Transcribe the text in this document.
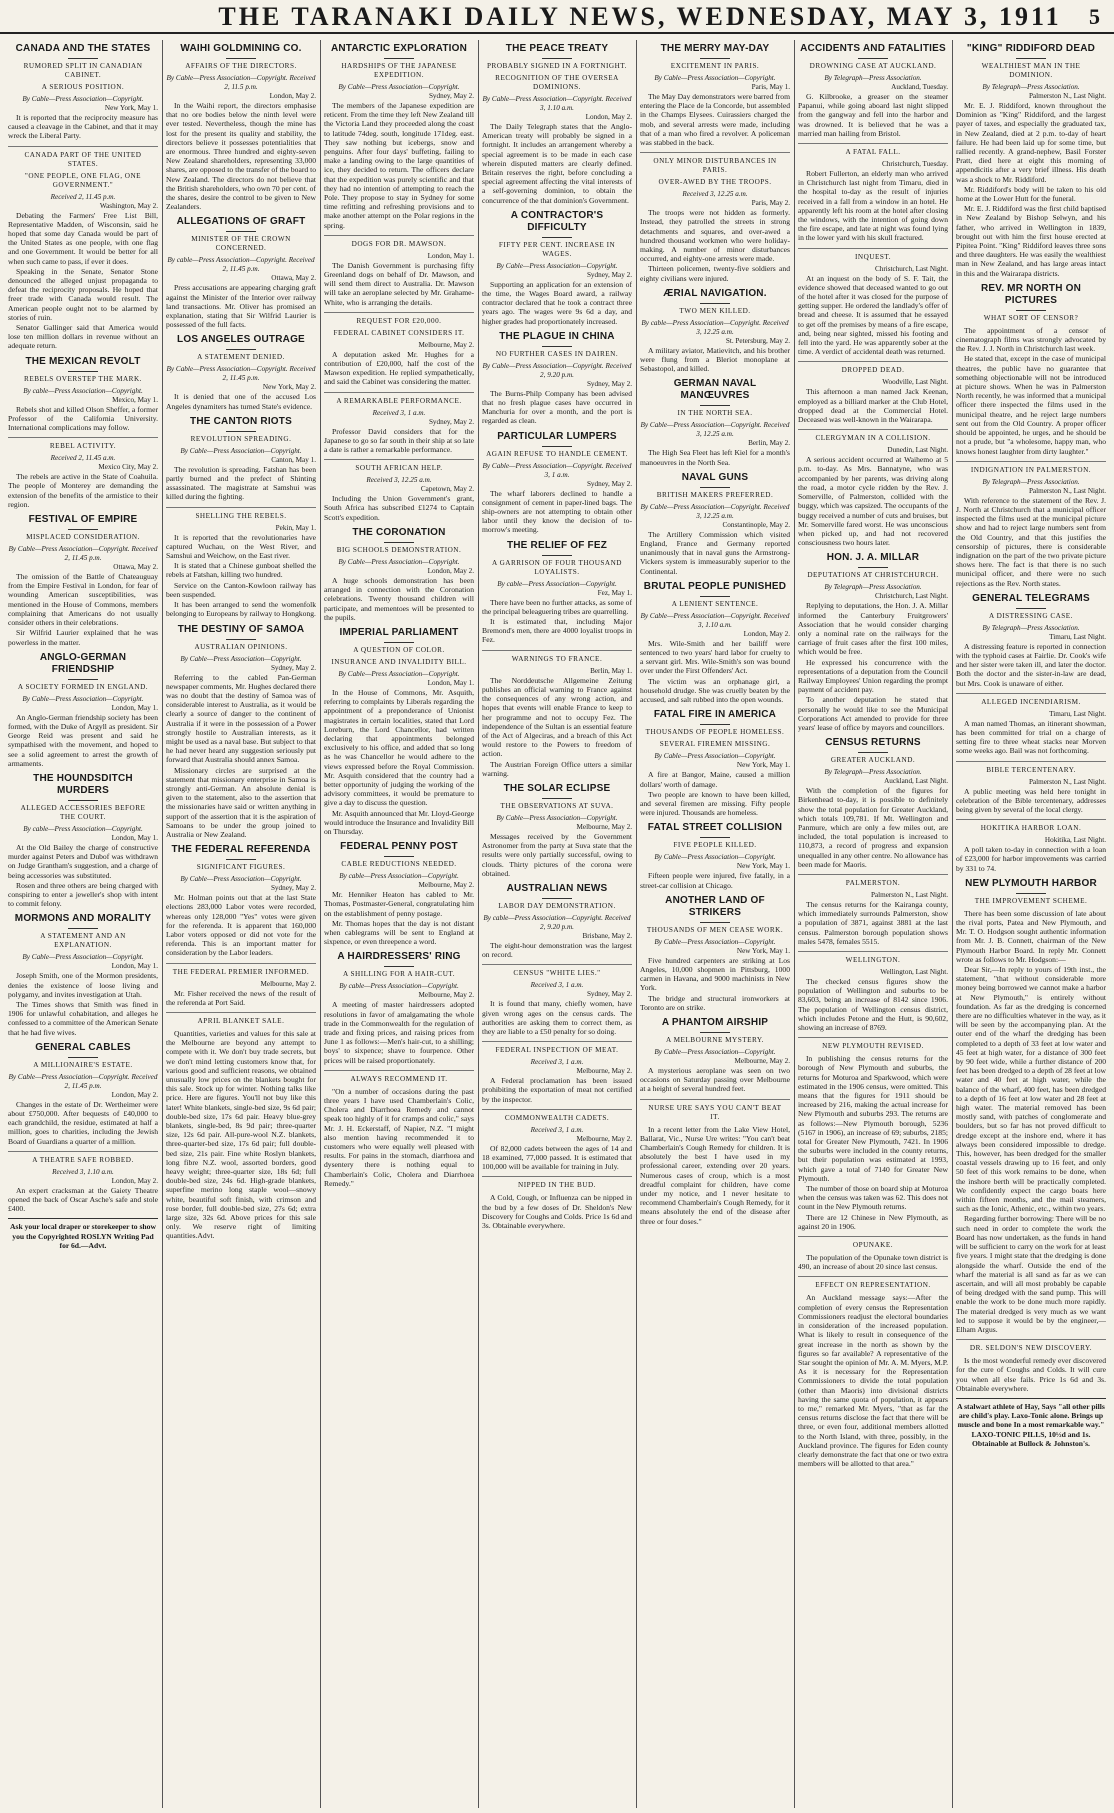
THE TARANAKI DAILY NEWS, WEDNESDAY, MAY 3, 1911	5
CANADA AND THE STATES
RUMORED SPLIT IN CANADIAN CABINET.
A SERIOUS POSITION.
By Cable—Press Association—Copyright.
New York, May 1.

It is reported that the reciprocity measure has caused a cleavage in the Cabinet, and that it may wreck the Liberal Party.

CANADA PART OF THE UNITED STATES.
"ONE PEOPLE, ONE FLAG, ONE GOVERNMENT."
Received 2, 11.45 p.m.
Washington, May 2.

Debating the Farmers' Free List Bill, Representative Madden, of Wisconsin, said he hoped that some day Canada would be part of the United States as one people, with one flag and one Government. It would be better for all when such came to pass, if ever it does.

Speaking in the Senate, Senator Stone denounced the alleged unjust propaganda to defeat the reciprocity proposals. He hoped that freer trade with Canada would result. The American people ought not to be alarmed by stories of ruin.

Senator Gallinger said that America would lose ten million dollars in revenue without an adequate return.

THE MEXICAN REVOLT
REBELS OVERSTEP THE MARK.
By cable—Press Association—Copyright.
Mexico, May 1.

Rebels shot and killed Olson Sheffer, a former Professor of the California University. International complications may follow.

REBEL ACTIVITY.
Received 2, 11.45 a.m.
Mexico City, May 2.

The rebels are active in the State of Coahuila. The people of Monterey are demanding the extension of the benefits of the armistice to their region.

FESTIVAL OF EMPIRE
MISPLACED CONSIDERATION.
By Cable—Press Association—Copyright. Received 2, 11.45 p.m.
Ottawa, May 2.

The omission of the Battle of Chateauguay from the Empire Festival in London, for fear of wounding American susceptibilities, was mentioned in the House of Commons, members complaining that Americans do not usually consider others in their celebrations.

Sir Wilfrid Laurier explained that he was powerless in the matter.

ANGLO-GERMAN FRIENDSHIP
A SOCIETY FORMED IN ENGLAND.
By Cable—Press Association—Copyright.
London, May 1.

An Anglo-German friendship society has been formed, with the Duke of Argyll as president. Sir George Reid was present and said he sympathised with the movement, and hoped to see a solid agreement to arrest the growth of armaments.

THE HOUNDSDITCH MURDERS
ALLEGED ACCESSORIES BEFORE THE COURT.
By cable—Press Association—Copyright.
London, May 1.

At the Old Bailey the charge of constructive murder against Peters and Dubof was withdrawn on Judge Grantham's suggestion, and a charge of being accessories was substituted.

Rosen and three others are being charged with conspiring to enter a jeweller's shop with intent to commit felony.

MORMONS AND MORALITY
A STATEMENT AND AN EXPLANATION.
By Cable—Press Association—Copyright.
London, May 1.

Joseph Smith, one of the Mormon presidents, denies the existence of loose living and polygamy, and invites investigation at Utah.

The Times shows that Smith was fined in 1906 for unlawful cohabitation, and alleges he confessed to a committee of the American Senate that he had five wives.

GENERAL CABLES
A MILLIONAIRE'S ESTATE.
By Cable—Press Association—Copyright. Received 2, 11.45 p.m.
London, May 2.

Changes in the estate of Dr. Wertheimer were about £750,000. After bequests of £40,000 to each grandchild, the residue, estimated at half a million, goes to charities, including the Jewish Board of Guardians a quarter of a million.

A THEATRE SAFE ROBBED.
Received 3, 1.10 a.m.
London, May 2.

An expert cracksman at the Gaiety Theatre opened the back of Oscar Asche's safe and stole £400.

Ask your local draper or storekeeper to show you the Copyrighted ROSLYN Writing Pad for 6d.—Advt.
WAIHI GOLDMINING CO.
AFFAIRS OF THE DIRECTORS.
By Cable—Press Association—Copyright. Received 2, 11.5 p.m.
London, May 2.

In the Waihi report, the directors emphasise that no ore bodies below the ninth level were ever tested. Nevertheless, though the mine has lost for the present its quality and stability, the directors believe it possesses potentialities that are enormous. Three hundred and eighty-seven New Zealand shareholders, representing 33,000 shares, are opposed to the transfer of the board to New Zealand. The directors do not believe that the British shareholders, who own 70 per cent. of the shares, desire the control to be given to New Zealanders.

ALLEGATIONS OF GRAFT
MINISTER OF THE CROWN CONCERNED.
By cable—Press Association—Copyright. Received 2, 11.45 p.m.
Ottawa, May 2.

Press accusations are appearing charging graft against the Minister of the Interior over railway land transactions. Mr. Oliver has promised an explanation, stating that Sir Wilfrid Laurier is possessed of the full facts.

LOS ANGELES OUTRAGE
A STATEMENT DENIED.
By Cable—Press Association—Copyright. Received 2, 11.45 p.m.
New York, May 2.

It is denied that one of the accused Los Angeles dynamiters has turned State's evidence.

THE CANTON RIOTS
REVOLUTION SPREADING.
By Cable—Press Association—Copyright.
Canton, May 1.

The revolution is spreading. Fatshan has been partly burned and the prefect of Shinting assassinated. The magistrate at Samshui was killed during the fighting.

SHELLING THE REBELS.
Pekin, May 1.

It is reported that the revolutionaries have captured Wuchau, on the West River, and Samshui and Weichow, on the East river.

It is stated that a Chinese gunboat shelled the rebels at Fatshan, killing two hundred.

Service on the Canton-Kowloon railway has been suspended.

It has been arranged to send the womenfolk belonging to Europeans by railway to Hongkong.

THE DESTINY OF SAMOA
AUSTRALIAN OPINIONS.
By Cable—Press Association—Copyright.
Sydney, May 2.

Referring to the cabled Pan-German newspaper comments, Mr. Hughes declared there was no doubt that the destiny of Samoa was of considerable interest to Australia, as it would be clearly a source of danger to the continent of Australia if it were in the possession of a Power strongly hostile to Australian interests, as it might be used as a naval base. But subject to that he had never heard any suggestion seriously put forward that Australia should annex Samoa.

Missionary circles are surprised at the statement that missionary enterprise in Samoa is strongly anti-German. An absolute denial is given to the statement, also to the assertion that the missionaries have said or written anything in support of the assertion that it is the aspiration of Samoans to be under the group joined to Australia or New Zealand.

THE FEDERAL REFERENDA
SIGNIFICANT FIGURES.
By Cable—Press Association—Copyright.
Sydney, May 2.

Mr. Holman points out that at the last State elections 283,000 Labor votes were recorded, whereas only 128,000 "Yes" votes were given for the referenda. It is apparent that 160,000 Labor voters opposed or did not vote for the referenda. This is an important matter for consideration by the Labor leaders.

THE FEDERAL PREMIER INFORMED.
Melbourne, May 2.

Mr. Fisher received the news of the result of the referenda at Port Said.

APRIL BLANKET SALE.

Quantities, varieties and values for this sale at the Melbourne are beyond any attempt to compete with it. We don't buy trade secrets, but we don't mind letting customers know that, for various good and sufficient reasons, we obtained unusually low prices on the blankets bought for this sale. Stock up for winter. Nothing talks like price. Here are figures. You'll not buy like this later! White blankets, single-bed size, 9s 6d pair; double-bed size, 17s 6d pair. Heavy blue-grey blankets, single-bed, 8s 9d pair; three-quarter size, 12s 6d pair. All-pure-wool N.Z. blankets, three-quarter-bed size, 17s 6d pair; full double-bed size, 21s pair. Fine white Roslyn blankets, long fibre N.Z. wool, assorted borders, good heavy weight; three-quarter size, 18s 6d; full double-bed size, 24s 6d. High-grade blankets, superfine merino long staple wool—snowy white, beautiful soft finish, with crimson and rose border, full double-bed size, 27s 6d; extra large size, 32s 6d. Above prices for this sale only. We reserve right of limiting quantities.Advt.

ANTARCTIC EXPLORATION
HARDSHIPS OF THE JAPANESE EXPEDITION.
By Cable—Press Association—Copyright.
Sydney, May 2.

The members of the Japanese expedition are reticent. From the time they left New Zealand till the Victoria Land they proceeded along the coast to latitude 74deg. south, longitude 171deg. east. They saw nothing but icebergs, snow and penguins. After four days' buffeting, failing to make a landing owing to the large quantities of ice, they decided to return. The officers declare that the expedition was purely scientific and that they had no intention of attempting to reach the Pole. They propose to stay in Sydney for some time refitting and refreshing provisions and to make another attempt on the Polar regions in the spring.

DOGS FOR DR. MAWSON.
London, May 1.

The Danish Government is purchasing fifty Greenland dogs on behalf of Dr. Mawson, and will send them direct to Australia. Dr. Mawson will take an aeroplane selected by Mr. Grahame-White, who is arranging the details.

REQUEST FOR £20,000.
FEDERAL CABINET CONSIDERS IT.
Melbourne, May 2.

A deputation asked Mr. Hughes for a contribution of £20,000, half the cost of the Mawson expedition. He replied sympathetically, and said the Cabinet was considering the matter.

A REMARKABLE PERFORMANCE.
Received 3, 1 a.m.
Sydney, May 2.

Professor David considers that for the Japanese to go so far south in their ship at so late a date is rather a remarkable performance.

SOUTH AFRICAN HELP.
Received 3, 12.25 a.m.
Capetown, May 2.

Including the Union Government's grant, South Africa has subscribed £1274 to Captain Scott's expedition.

THE CORONATION
BIG SCHOOLS DEMONSTRATION.
By Cable—Press Association—Copyright.
London, May 2.

A huge schools demonstration has been arranged in connection with the Coronation celebrations. Twenty thousand children will participate, and mementoes will be presented to the pupils.

IMPERIAL PARLIAMENT
A QUESTION OF COLOR.
INSURANCE AND INVALIDITY BILL.
By Cable—Press Association—Copyright.
London, May 1.

In the House of Commons, Mr. Asquith, referring to complaints by Liberals regarding the appointment of a preponderance of Unionist magistrates in certain localities, stated that Lord Loreburn, the Lord Chancellor, had written declaring that appointments belonged exclusively to his office, and added that so long as he was Chancellor he would adhere to the views expressed before the Royal Commission. Mr. Asquith considered that the country had a better opportunity of judging the working of the advisory committees, it would be premature to give a day to discuss the question.

Mr. Asquith announced that Mr. Lloyd-George would introduce the Insurance and Invalidity Bill on Thursday.

FEDERAL PENNY POST
CABLE REDUCTIONS NEEDED.
By cable—Press Association—Copyright.
Melbourne, May 2.

Mr. Henniker Heaton has cabled to Mr. Thomas, Postmaster-General, congratulating him on the establishment of penny postage.

Mr. Thomas hopes that the day is not distant when cablegrams will be sent to England at sixpence, or even threepence a word.

A HAIRDRESSERS' RING
A SHILLING FOR A HAIR-CUT.
By cable—Press Association—Copyright.
Melbourne, May 2.

A meeting of master hairdressers adopted resolutions in favor of amalgamating the whole trade in the Commonwealth for the regulation of trade and fixing prices, and raising prices from June 1 as follows:—Men's hair-cut, to a shilling; boys' to sixpence; shave to fourpence. Other prices will be raised proportionately.

ALWAYS RECOMMEND IT.

"On a number of occasions during the past three years I have used Chamberlain's Colic, Cholera and Diarrhoea Remedy and cannot speak too highly of it for cramps and colic," says Mr. J. H. Eckerstaff, of Napier, N.Z. "I might also mention having recommended it to customers who were equally well pleased with results. For pains in the stomach, diarrhoea and dysentery there is nothing equal to Chamberlain's Colic, Cholera and Diarrhoea Remedy."

THE PEACE TREATY
PROBABLY SIGNED IN A FORTNIGHT.
RECOGNITION OF THE OVERSEA DOMINIONS.
By Cable—Press Association—Copyright. Received 3, 1.10 a.m.
London, May 2.

The Daily Telegraph states that the Anglo-American treaty will probably be signed in a fortnight. It includes an arrangement whereby a special agreement is to be made in each case wherein disputed matters are clearly defined. Britain reserves the right, before concluding a special agreement affecting the vital interests of a self-governing dominion, to obtain the concurrence of the that dominion's Government.

A CONTRACTOR'S DIFFICULTY
FIFTY PER CENT. INCREASE IN WAGES.
By Cable—Press Association—Copyright.
Sydney, May 2.

Supporting an application for an extension of the time, the Wages Board award, a railway contractor declared that he took a contract three years ago. The wages were 9s 6d a day, and higher grades had proportionately increased.

THE PLAGUE IN CHINA
NO FURTHER CASES IN DAIREN.
By Cable—Press Association—Copyright. Received 2, 9.20 p.m.
Sydney, May 2.

The Burns-Philp Company has been advised that no fresh plague cases have occurred in Manchuria for over a month, and the port is regarded as clean.

PARTICULAR LUMPERS
AGAIN REFUSE TO HANDLE CEMENT.
By Cable—Press Association—Copyright. Received 3, 1 a.m.
Sydney, May 2.

The wharf laborers declined to handle a consignment of cement in paper-lined bags. The ship-owners are not attempting to obtain other labor until they know the decision of to-morrow's meeting.

THE RELIEF OF FEZ
A GARRISON OF FOUR THOUSAND LOYALISTS.
By cable—Press Association—Copyright.
Fez, May 1.

There have been no further attacks, as some of the principal beleaguering tribes are quarrelling.

It is estimated that, including Major Bremond's men, there are 4000 loyalist troops in Fez.

WARNINGS TO FRANCE.
Berlin, May 1.

The Norddeutsche Allgemeine Zeitung publishes an official warning to France against the consequences of any wrong action, and hopes that events will enable France to keep to her programme and not to occupy Fez. The independence of the Sultan is an essential feature of the Act of Algeciras, and a breach of this Act would restore to the Powers to freedom of action.

The Austrian Foreign Office utters a similar warning.

THE SOLAR ECLIPSE
THE OBSERVATIONS AT SUVA.
By Cable—Press Association—Copyright.
Melbourne, May 2.

Messages received by the Government Astronomer from the party at Suva state that the results were only partially successful, owing to clouds. Thirty pictures of the corona were obtained.

AUSTRALIAN NEWS
LABOR DAY DEMONSTRATION.
By cable—Press Association—Copyright. Received 2, 9.20 p.m.
Brisbane, May 2.

The eight-hour demonstration was the largest on record.

CENSUS "WHITE LIES."
Received 3, 1 a.m.
Sydney, May 2.

It is found that many, chiefly women, have given wrong ages on the census cards. The authorities are asking them to correct them, as they are liable to a £50 penalty for so doing.

FEDERAL INSPECTION OF MEAT.
Received 3, 1 a.m.
Melbourne, May 2.

A Federal proclamation has been issued prohibiting the exportation of meat not certified by the inspector.

COMMONWEALTH CADETS.
Received 3, 1 a.m.
Melbourne, May 2.

Of 82,000 cadets between the ages of 14 and 18 examined, 77,000 passed. It is estimated that 100,000 will be available for training in July.

NIPPED IN THE BUD.

A Cold, Cough, or Influenza can be nipped in the bud by a few doses of Dr. Sheldon's New Discovery for Coughs and Colds. Price 1s 6d and 3s. Obtainable everywhere.

THE MERRY MAY-DAY
EXCITEMENT IN PARIS.
By Cable—Press Association—Copyright.
Paris, May 1.

The May Day demonstrators were barred from entering the Place de la Concorde, but assembled in the Champs Elysees. Cuirassiers charged the mob, and several arrests were made, including that of a man who fired a revolver. A policeman was stabbed in the back.

ONLY MINOR DISTURBANCES IN PARIS.
OVER-AWED BY THE TROOPS.
Received 3, 12.25 a.m.
Paris, May 2.

The troops were not hidden as formerly. Instead, they patrolled the streets in strong detachments and squares, and over-awed a hundred thousand workmen who were holiday-making. A number of minor disturbances occurred, and eighty-one arrests were made.

Thirteen policemen, twenty-five soldiers and eighty civilians were injured.

ÆRIAL NAVIGATION.
TWO MEN KILLED.
By cable—Press Association—Copyright. Received 3, 12.25 a.m.
St. Petersburg, May 2.

A military aviator, Matievitch, and his brother were flung from a Bleriot monoplane at Sebastopol, and killed.

GERMAN NAVAL MANŒUVRES
IN THE NORTH SEA.
By Cable—Press Association—Copyright. Received 3, 12.25 a.m.
Berlin, May 2.

The High Sea Fleet has left Kiel for a month's manoeuvres in the North Sea.

NAVAL GUNS
BRITISH MAKERS PREFERRED.
By Cable—Press Association—Copyright. Received 3, 12.25 a.m.
Constantinople, May 2.

The Artillery Commission which visited England, France and Germany reported unanimously that in naval guns the Armstrong-Vickers system is immeasurably superior to the Continental.

BRUTAL PEOPLE PUNISHED
A LENIENT SENTENCE.
By Cable—Press Association—Copyright. Received 3, 1.10 a.m.
London, May 2.

Mrs. Wile-Smith and her bailiff were sentenced to two years' hard labor for cruelty to a servant girl. Mrs. Wile-Smith's son was bound over under the First Offenders' Act.

The victim was an orphanage girl, a household drudge. She was cruelly beaten by the accused, and salt rubbed into the open wounds.

FATAL FIRE IN AMERICA
THOUSANDS OF PEOPLE HOMELESS.
SEVERAL FIREMEN MISSING.
By Cable—Press Association—Copyright.
New York, May 1.

A fire at Bangor, Maine, caused a million dollars' worth of damage.

Two people are known to have been killed, and several firemen are missing. Fifty people were injured. Thousands are homeless.

FATAL STREET COLLISION
FIVE PEOPLE KILLED.
By Cable—Press Association—Copyright.
New York, May 1.

Fifteen people were injured, five fatally, in a street-car collision at Chicago.

ANOTHER LAND OF STRIKERS
THOUSANDS OF MEN CEASE WORK.
By Cable—Press Association—Copyright.
New York, May 1.

Five hundred carpenters are striking at Los Angeles, 10,000 shopmen in Pittsburg, 1000 carmen in Havana, and 9000 machinists in New York.

The bridge and structural ironworkers at Toronto are on strike.

A PHANTOM AIRSHIP
A MELBOURNE MYSTERY.
By Cable—Press Association—Copyright.
Melbourne, May 2.

A mysterious aeroplane was seen on two occasions on Saturday passing over Melbourne at a height of several hundred feet.

NURSE URE SAYS YOU CAN'T BEAT IT.

In a recent letter from the Lake View Hotel, Ballarat, Vic., Nurse Ure writes: "You can't beat Chamberlain's Cough Remedy for children. It is absolutely the best I have used in my professional career, extending over 20 years. Numerous cases of croup, which is a most dreadful complaint for children, have come under my notice, and I never hesitate to recommend Chamberlain's Cough Remedy, for it means absolutely the end of the disease after three or four doses."

ACCIDENTS AND FATALITIES
DROWNING CASE AT AUCKLAND.
By Telegraph—Press Association.
Auckland, Tuesday.

G. Kilbrooke, a greaser on the steamer Papanui, while going aboard last night slipped from the gangway and fell into the harbor and was drowned. It is believed that he was a married man hailing from Bristol.

A FATAL FALL.
Christchurch, Tuesday.

Robert Fullerton, an elderly man who arrived in Christchurch last night from Timaru, died in the hospital to-day as the result of injuries received in a fall from a window in an hotel. He apparently left his room at the hotel after closing the windows, with the intention of going down the fire escape, and late at night was found lying in the lower yard with his skull fractured.

INQUEST.
Christchurch, Last Night.

At an inquest on the body of S. F. Tait, the evidence showed that deceased wanted to go out of the hotel after it was closed for the purpose of getting supper. He ordered the landlady's offer of bread and cheese. It is assumed that he essayed to get off the premises by means of a fire escape, and, being near sighted, missed his footing and fell into the yard. He was apparently sober at the time. A verdict of accidental death was returned.

DROPPED DEAD.
Woodville, Last Night.

This afternoon a man named Jack Keenan, employed as a billiard marker at the Club Hotel, dropped dead at the Commercial Hotel. Deceased was well-known in the Wairarapa.

CLERGYMAN IN A COLLISION.
Dunedin, Last Night.

A serious accident occurred at Waihemo at 5 p.m. to-day. As Mrs. Bannatyne, who was accompanied by her parents, was driving along the road, a motor cycle ridden by the Rev. J. Somerville, of Palmerston, collided with the buggy, which was capsized. The occupants of the buggy received a number of cuts and bruises, but Mr. Somerville fared worst. He was unconscious when picked up, and had not recovered consciousness two hours later.

HON. J. A. MILLAR
DEPUTATIONS AT CHRISTCHURCH.
By Telegraph—Press Association.
Christchurch, Last Night.

Replying to deputations, the Hon. J. A. Millar informed the Canterbury Fruitgrowers' Association that he would consider charging only a nominal rate on the railways for the carriage of fruit cases after the first 100 miles, which would be free.

He expressed his concurrence with the representations of a deputation from the Council Railway Employees' Union regarding the prompt payment of accident pay.

To another deputation he stated that personally he would like to see the Municipal Corporations Act amended to provide for three years' lease of office by mayors and councillors.

CENSUS RETURNS
GREATER AUCKLAND.
By Telegraph—Press Association.
Auckland, Last Night.

With the completion of the figures for Birkenhead to-day, it is possible to definitely show the total population for Greater Auckland, which totals 109,781. If Mt. Wellington and Panmure, which are only a few miles out, are included, the total population is increased to 110,873, a record of progress and expansion unequalled in any other centre. No allowance has been made for Maoris.

PALMERSTON.
Palmerston N., Last Night.

The census returns for the Kairanga county, which immediately surrounds Palmerston, show a population of 3871, against 3881 at the last census. Palmerston borough population shows males 5478, females 5515.

WELLINGTON.
Wellington, Last Night.

The checked census figures show the population of Wellington and suburbs to be 83,603, being an increase of 8142 since 1906. The population of Wellington census district, which includes Petone and the Hutt, is 90,602, showing an increase of 8769.

NEW PLYMOUTH REVISED.

In publishing the census returns for the borough of New Plymouth and suburbs, the returns for Moturoa and Sparkwood, which were estimated in the 1906 census, were omitted. This means that the figures for 1911 should be increased by 216, making the actual increase for New Plymouth and suburbs 293. The returns are as follows:—New Plymouth borough, 5236 (5167 in 1906), an increase of 69; suburbs, 2185; total for Greater New Plymouth, 7421. In 1906 the suburbs were included in the county returns, but their population was estimated at 1993, which gave a total of 7140 for Greater New Plymouth.

The number of those on board ship at Moturoa when the census was taken was 62. This does not count in the New Plymouth returns.

There are 12 Chinese in New Plymouth, as against 20 in 1906.

OPUNAKE.

The population of the Opunake town district is 490, an increase of about 20 since last census.

EFFECT ON REPRESENTATION.

An Auckland message says:—After the completion of every census the Representation Commissioners readjust the electoral boundaries in consideration of the increased population. What is likely to result in consequence of the great increase in the north as shown by the figures so far available? A representative of the Star sought the opinion of Mr. A. M. Myers, M.P. As it is necessary for the Representation Commissioners to divide the total population (other than Maoris) into divisional districts having the same quota of population, it appears to me," remarked Mr. Myers, "that as far the census returns disclose the fact that there will be three, or even four, additional members allotted to the North Island, with three, possibly, in the Auckland province. The figures for Eden county clearly demonstrate the fact that one or two extra members will be allotted to that area."

"KING" RIDDIFORD DEAD
WEALTHIEST MAN IN THE DOMINION.
By Telegraph—Press Association.
Palmerston N., Last Night.

Mr. E. J. Riddiford, known throughout the Dominion as "King" Riddiford, and the largest payer of taxes, and especially the graduated tax, in New Zealand, died at 2 p.m. to-day of heart failure. He had been laid up for some time, but rallied recently. A grand-nephew, Basil Forster Pratt, died here at eight this morning of appendicitis after a very brief illness. His death was a shock to Mr. Riddiford.

Mr. Riddiford's body will be taken to his old home at the Lower Hutt for the funeral.

Mr. E. J. Riddiford was the first child baptised in New Zealand by Bishop Selwyn, and his father, who arrived in Wellington in 1839, brought out with him the first house erected at Pipitea Point. "King" Riddiford leaves three sons and three daughters. He was easily the wealthiest man in New Zealand, and has large areas intact in this and the Wairarapa districts.

REV. MR NORTH ON PICTURES
WHAT SORT OF CENSOR?

The appointment of a censor of cinematograph films was strongly advocated by the Rev. J. J. North in Christchurch last week.

He stated that, except in the case of municipal theatres, the public have no guarantee that something objectionable will not be introduced at picture shows. When he was in Palmerston North recently, he was informed that a municipal officer there inspected the films used in the municipal theatre, and he reject large numbers sent out from the Old Country. A proper officer should be appointed, he urges, and he should be not a prude, but "a wholesome, happy man, who knows honest laughter from dirty laughter."

INDIGNATION IN PALMERSTON.
By Telegraph—Press Association.
Palmerston N., Last Night.

With reference to the statement of the Rev. J. J. North at Christchurch that a municipal officer inspected the films used at the municipal picture show and had to reject large numbers sent from the Old Country, and that this justifies the censorship of pictures, there is considerable indignation on the part of the two private picture shows here. The fact is that there is no such municipal officer, and there were no such rejections as the Rev. North states.

GENERAL TELEGRAMS
A DISTRESSING CASE.
By Telegraph—Press Association.
Timaru, Last Night.

A distressing feature is reported in connection with the typhoid cases at Fairlie. Dr. Cook's wife and her sister were taken ill, and later the doctor. Both the doctor and the sister-in-law are dead, but Mrs. Cook is unaware of either.

ALLEGED INCENDIARISM.
Timaru, Last Night.

A man named Thomas, an itinerant showman, has been committed for trial on a charge of setting fire to three wheat stacks near Morven some weeks ago. Bail was not forthcoming.

BIBLE TERCENTENARY.
Palmerston N., Last Night.

A public meeting was held here tonight in celebration of the Bible tercentenary, addresses being given by several of the local clergy.

HOKITIKA HARBOR LOAN.
Hokitika, Last Night.

A poll taken to-day in connection with a loan of £23,000 for harbor improvements was carried by 331 to 74.

NEW PLYMOUTH HARBOR
THE IMPROVEMENT SCHEME.

There has been some discussion of late about the rival ports, Patea and New Plymouth, and Mr. T. O. Hodgson sought authentic information from Mr. J. B. Connett, chairman of the New Plymouth Harbor Board. In reply Mr. Connett wrote as follows to Mr. Hodgson:—

Dear Sir,—In reply to yours of 19th inst., the statement, "that without considerable more money being borrowed we cannot make a harbor at New Plymouth," is entirely without foundation. As far as the dredging is concerned there are no difficulties whatever in the way, as it will be seen by the accompanying plan. At the outer end of the wharf the dredging has been completed to a depth of 33 feet at low water and 45 feet at high water, for a distance of 300 feet by 90 feet wide, while a further distance of 200 feet has been dredged to a depth of 28 feet at low water and 40 feet at high water, while the balance of the wharf, 400 feet, has been dredged to a depth of 16 feet at low water and 28 feet at high water. The material removed has been mostly sand, with patches of conglomerate and boulders, but so far has not proved difficult to dredge except at the inshore end, where it has always been considered impossible to dredge. This, however, has been dredged for the smaller coastal vessels drawing up to 16 feet, and only 50 feet of this work remains to be done, when the inshore berth will be practically completed. We confidently expect the cargo boats here within fifteen months, and the mail steamers, such as the Ionic, Athenic, etc., within two years.

Regarding further borrowing: There will be no such need in order to complete the work the Board has now undertaken, as the funds in hand will be sufficient to carry on the work for at least five years. I might state that the dredging is done alongside the wharf. Outside the end of the wharf the material is all sand as far as we can ascertain, and will all most probably be capable of being dredged with the sand pump. This will enable the work to be done much more rapidly. The material dredged is very much as we want led to suppose it would be by the engineer,—Elham Argus.

DR. SELDON'S NEW DISCOVERY.

Is the most wonderful remedy ever discovered for the cure of Coughs and Colds. It will cure you when all else fails. Price 1s 6d and 3s. Obtainable everywhere.

A stalwart athlete of Hay, Says "all other pills are child's play. Laxo-Tonic alone. Brings up muscle and bone In a most remarkable way." LAXO-TONIC PILLS, 10½d and 1s. Obtainable at Bullock & Johnston's.
